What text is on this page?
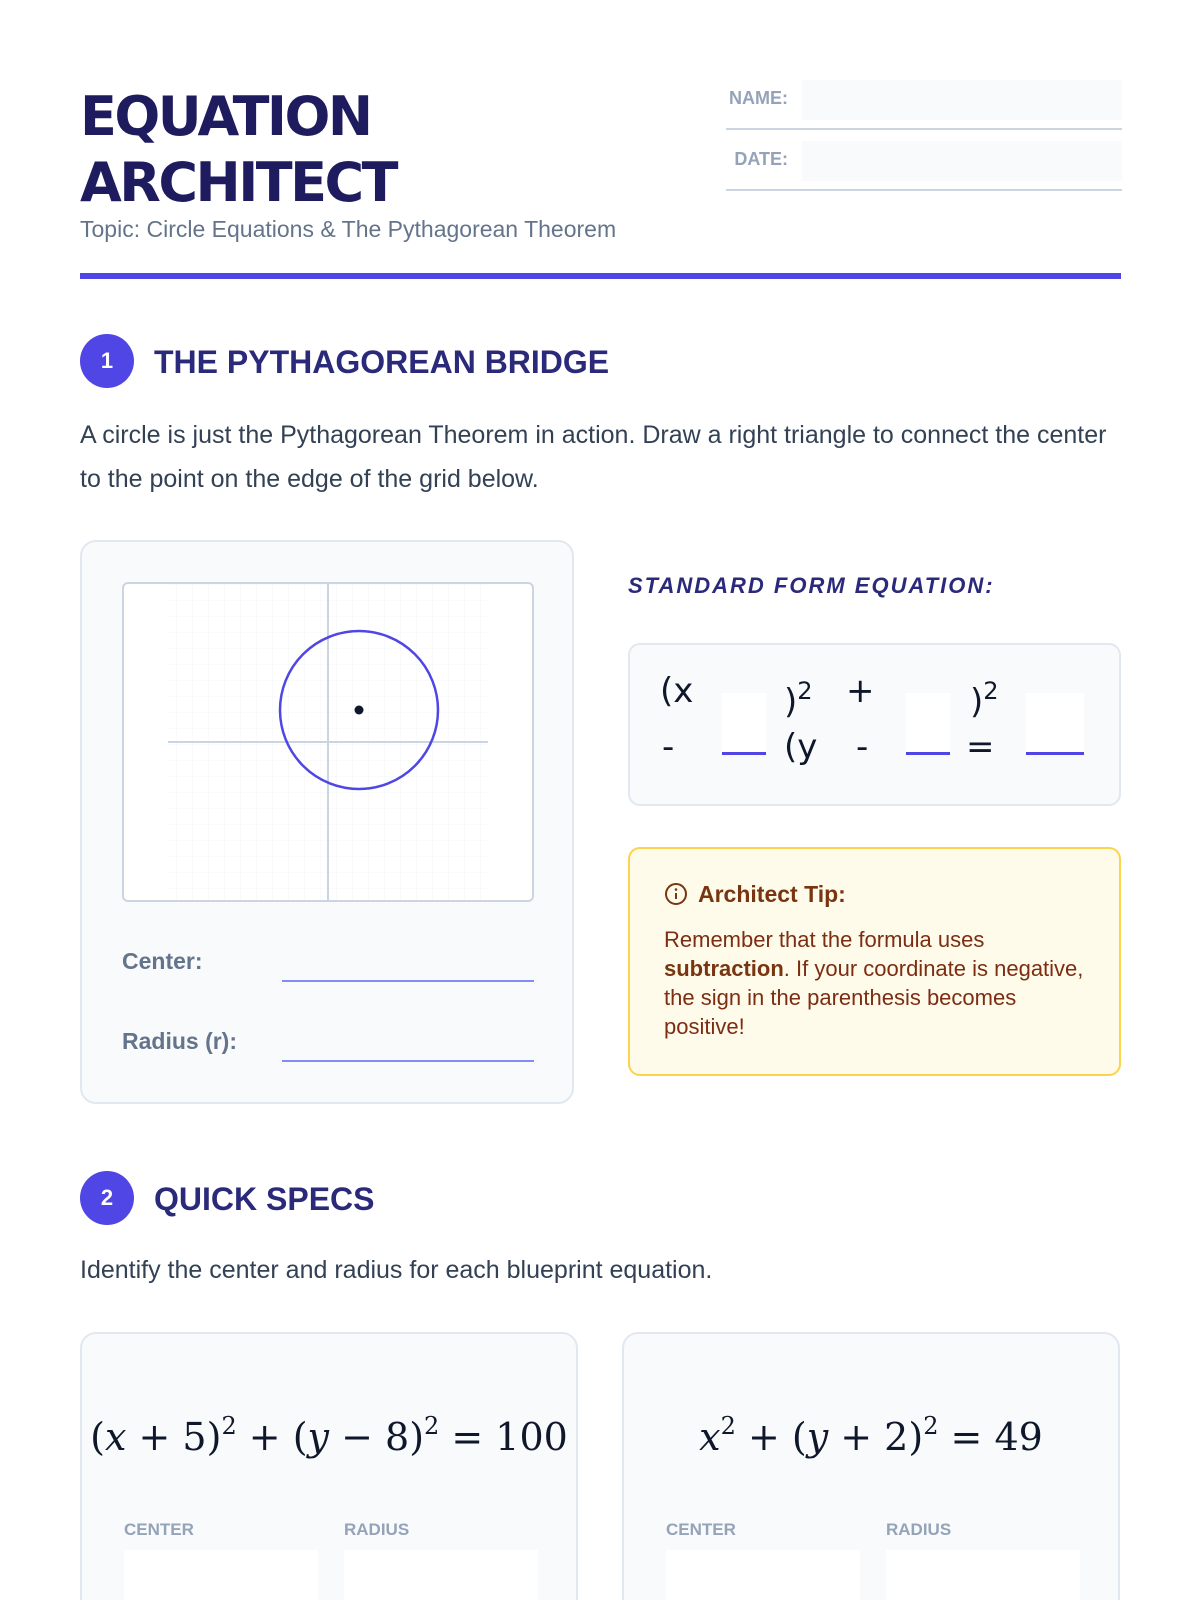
EQUATION
ARCHITECT
Topic: Circle Equations & The Pythagorean Theorem
NAME:
DATE:
1	THE PYTHAGOREAN BRIDGE
A circle is just the Pythagorean Theorem in action. Draw a right triangle to connect the center to the point on the edge of the grid below.
Center:
Radius (r):
STANDARD FORM EQUATION:
(x
-
)$^2$ +
(y -
)$^2$
=
Architect Tip:
Remember that the formula uses subtraction. If your coordinate is negative, the sign in the parenthesis becomes positive!
2	QUICK SPECS
Identify the center and radius for each blueprint equation.
$(x + 5)^2 + (y - 8)^2 = 100$
CENTER	RADIUS
$x^2 + (y + 2)^2 = 49$
CENTER	RADIUS
